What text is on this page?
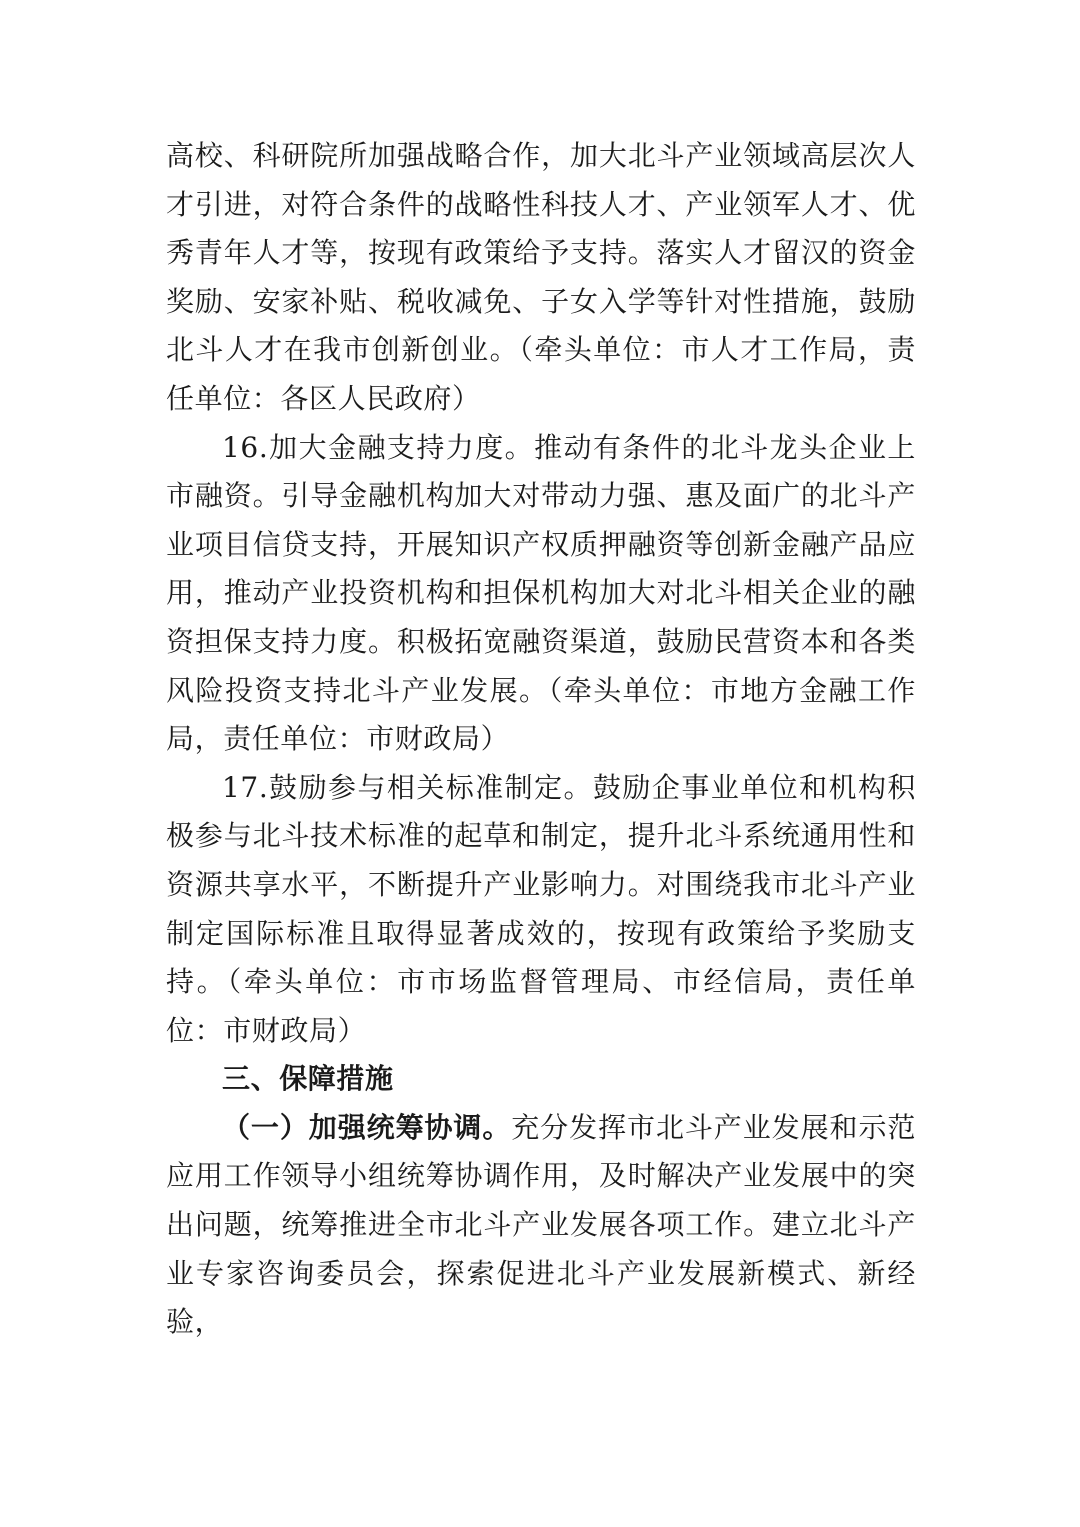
高校、科研院所加强战略合作，加大北斗产业领域高层次人才引进，对符合条件的战略性科技人才、产业领军人才、优秀青年人才等，按现有政策给予支持。落实人才留汉的资金奖励、安家补贴、税收减免、子女入学等针对性措施，鼓励北斗人才在我市创新创业。（牵头单位：市人才工作局，责任单位：各区人民政府）

16.加大金融支持力度。推动有条件的北斗龙头企业上市融资。引导金融机构加大对带动力强、惠及面广的北斗产业项目信贷支持，开展知识产权质押融资等创新金融产品应用，推动产业投资机构和担保机构加大对北斗相关企业的融资担保支持力度。积极拓宽融资渠道，鼓励民营资本和各类风险投资支持北斗产业发展。（牵头单位：市地方金融工作局，责任单位：市财政局）

17.鼓励参与相关标准制定。鼓励企事业单位和机构积极参与北斗技术标准的起草和制定，提升北斗系统通用性和资源共享水平，不断提升产业影响力。对围绕我市北斗产业制定国际标准且取得显著成效的，按现有政策给予奖励支持。（牵头单位：市市场监督管理局、市经信局，责任单位：市财政局）

三、保障措施

（一）加强统筹协调。充分发挥市北斗产业发展和示范应用工作领导小组统筹协调作用，及时解决产业发展中的突出问题，统筹推进全市北斗产业发展各项工作。建立北斗产业专家咨询委员会，探索促进北斗产业发展新模式、新经验，
